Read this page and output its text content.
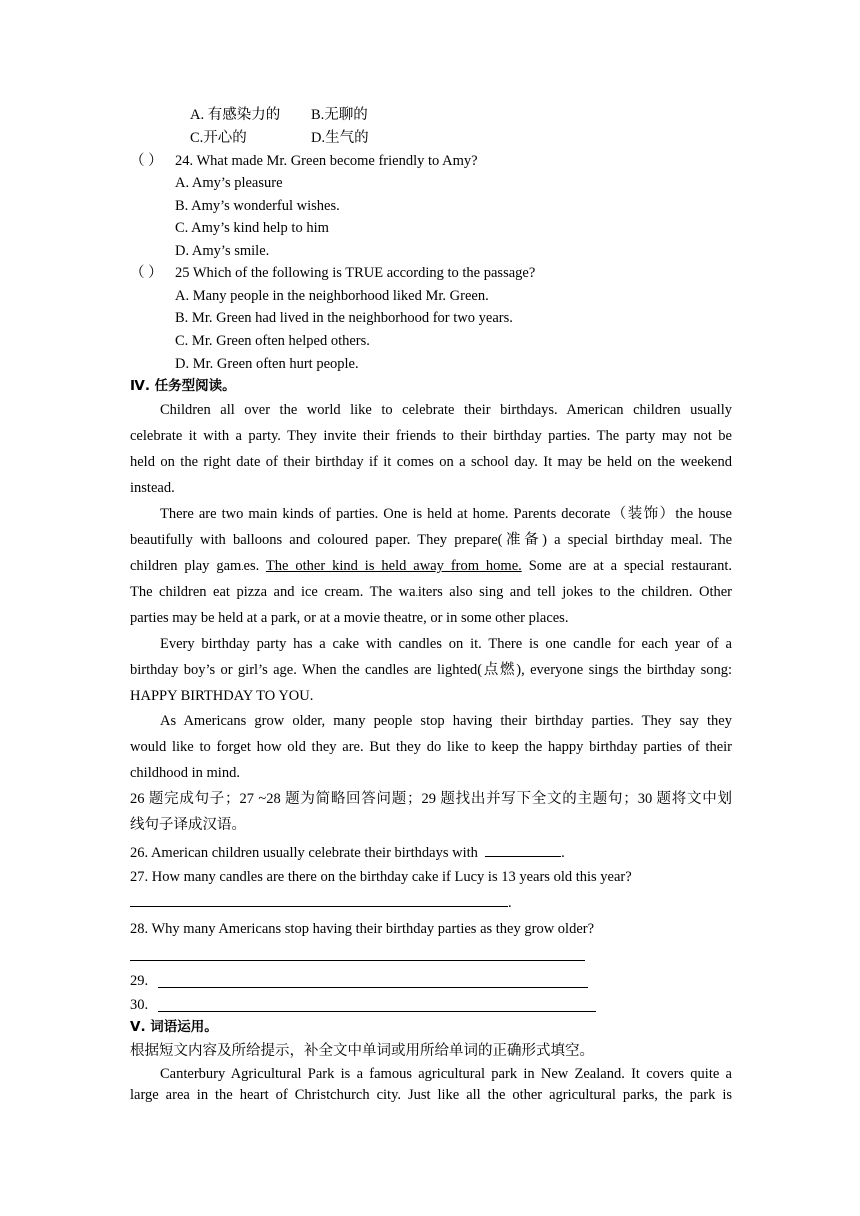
A. 有感染力的 B.无聊的
C.开心的	D.生气的
（ ） 24. What made Mr. Green become friendly to Amy?
A. Amy’s pleasure
B. Amy’s wonderful wishes.
C. Amy’s kind help to him
D. Amy’s smile.
（ ） 25 Which of the following is TRUE according to the passage?
A. Many people in the neighborhood liked Mr. Green.
B. Mr. Green had lived in the neighborhood for two years.
C. Mr. Green often helped others.
D. Mr. Green often hurt people.
Ⅳ. 任务型阅读。
Children all over the world like to celebrate their birthdays. American children usually
celebrate it with a party. They invite their friends to their birthday parties. The party may not be
held on the right date of their birthday if it comes on a school day. It may be held on the weekend
instead.
There are two main kinds of parties. One is held at home. Parents decorate（装饰）the house
beautifully with balloons and coloured paper. They prepare(准备) a special birthday meal. The
children play gam.es. The other kind is held away from home. Some are at a special restaurant.
The children eat pizza and ice cream. The wa.iters also sing and tell jokes to the children. Other
parties may be held at a park, or at a movie theatre, or in some other places.
Every birthday party has a cake with candles on it. There is one candle for each year of a
birthday boy’s or girl’s age. When the candles are lighted(点燃), everyone sings the birthday song:
HAPPY BIRTHDAY TO YOU.
As Americans grow older, many people stop having their birthday parties. They say they
would like to forget how old they are. But they do like to keep the happy birthday parties of their
childhood in mind.
26 题完成句子；27 ~28 题为简略回答问题；29 题找出并写下全文的主题句；30 题将文中划
线句子译成汉语。
26. American children usually celebrate their birthdays with	.
27. How many candles are there on the birthday cake if Lucy is 13 years old this year?
.
28. Why many Americans stop having their birthday parties as they grow older?
29.
30.
Ⅴ. 词语运用。
根据短文内容及所给提示，补全文中单词或用所给单词的正确形式填空。
Canterbury Agricultural Park is a famous agricultural park in New Zealand. It covers quite a
large area in the heart of Christchurch city. Just like all the other agricultural parks, the park is
